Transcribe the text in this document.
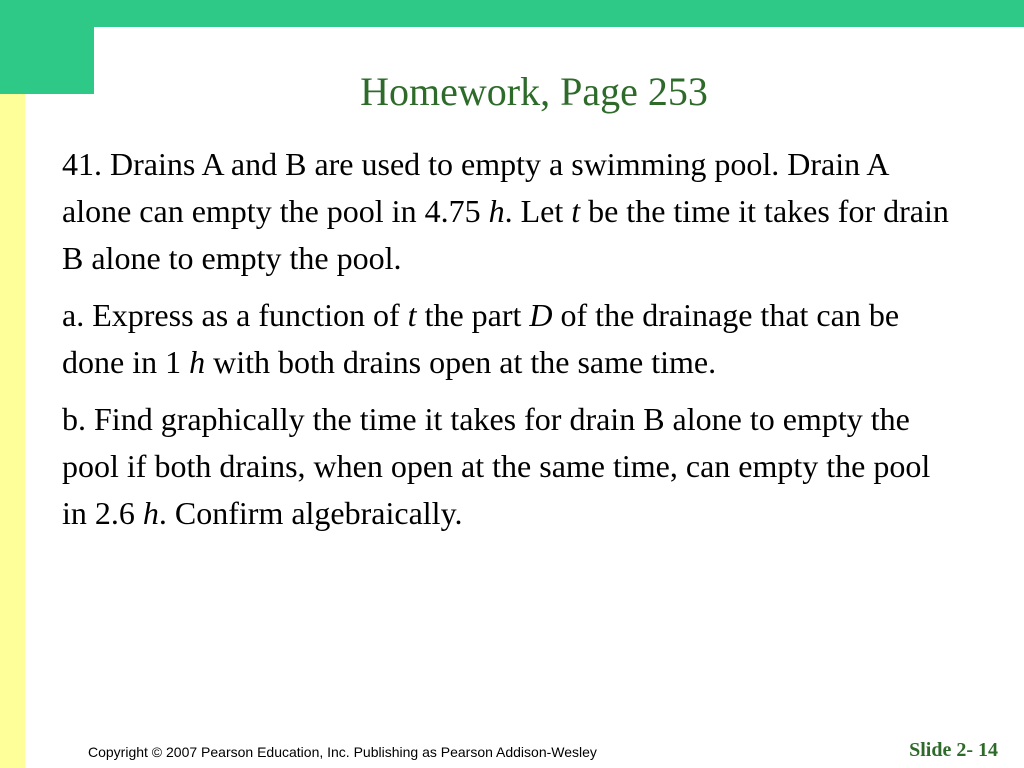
Homework, Page 253

41. Drains A and B are used to empty a swimming pool. Drain A alone can empty the pool in 4.75 h. Let t be the time it takes for drain B alone to empty the pool.

a. Express as a function of t the part D of the drainage that can be done in 1 h with both drains open at the same time.

b. Find graphically the time it takes for drain B alone to empty the pool if both drains, when open at the same time, can empty the pool in 2.6 h. Confirm algebraically.

Copyright © 2007 Pearson Education, Inc. Publishing as Pearson Addison-Wesley	Slide 2- 14
